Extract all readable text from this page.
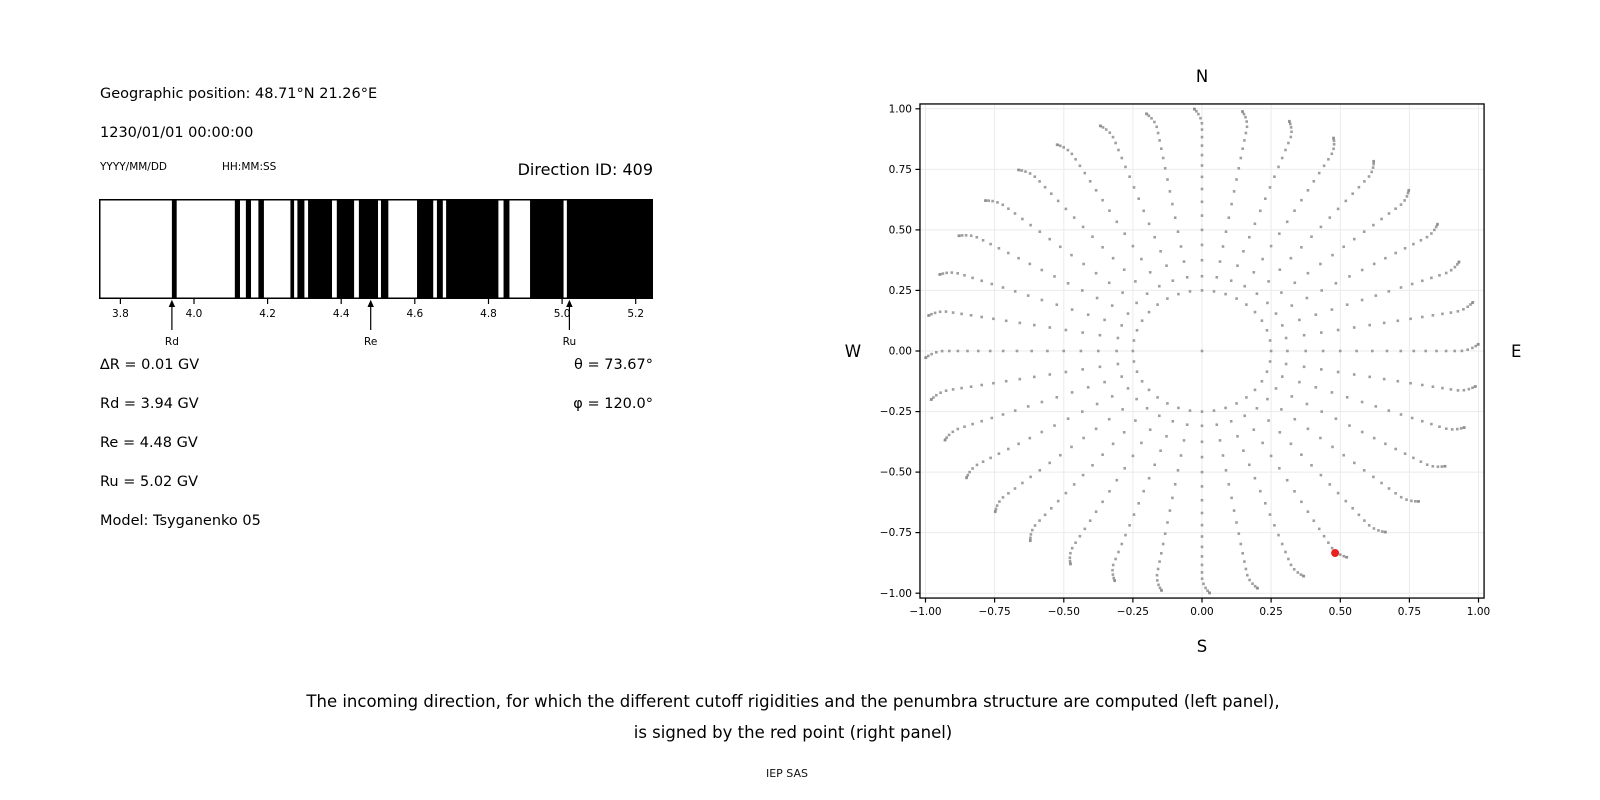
Geographic position: 48.71°N 21.26°E
1230/01/01 00:00:00
YYYY/MM/DD	HH:MM:SS	Direction ID: 409
3.8	4.0	4.2	4.4	4.6	4.8	5.0	5.2
Rd	Re	Ru
∆R = 0.01 GV
Rd = 3.94 GV
Re = 4.48 GV
Ru = 5.02 GV
Model: Tsyganenko 05
θ = 73.67°
φ = 120.0°
−1.00
−1.00
−0.75
−0.75
−0.50
−0.50
−0.25
−0.25
0.00
0.00
0.25
0.25
0.50
0.50
0.75
0.75
1.00
1.00
N
S
W	E
The incoming direction, for which the different cutoff rigidities and the penumbra structure are computed (left panel),
is signed by the red point (right panel)
IEP SAS
